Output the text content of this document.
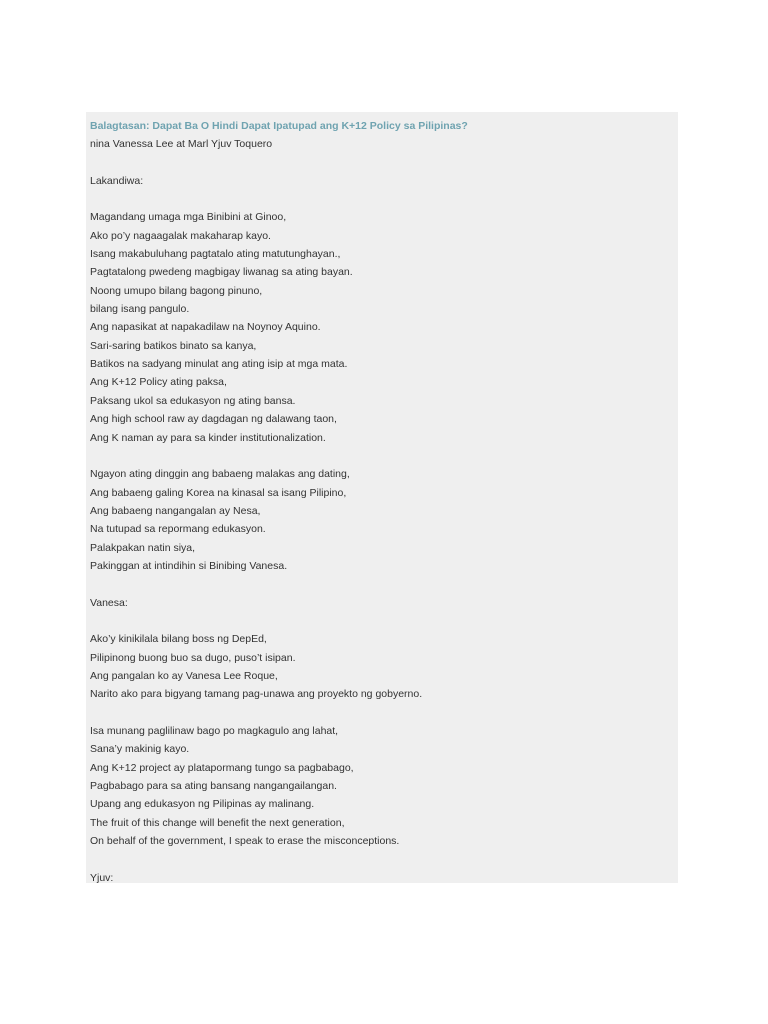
Balagtasan: Dapat Ba O Hindi Dapat Ipatupad ang K+12 Policy sa Pilipinas?
nina Vanessa Lee at Marl Yjuv Toquero
Lakandiwa:
Magandang umaga mga Binibini at Ginoo,
Ako po’y nagaagalak makaharap kayo.
Isang makabuluhang pagtatalo ating matutunghayan.,
Pagtatalong pwedeng magbigay liwanag sa ating bayan.
Noong umupo bilang bagong pinuno,
bilang isang pangulo.
Ang napasikat at napakadilaw na Noynoy Aquino.
Sari-saring batikos binato sa kanya,
Batikos na sadyang minulat ang ating isip at mga mata.
Ang K+12 Policy ating paksa,
Paksang ukol sa edukasyon ng ating bansa.
Ang high school raw ay dagdagan ng dalawang taon,
Ang K naman ay para sa kinder institutionalization.
Ngayon ating dinggin ang babaeng malakas ang dating,
Ang babaeng galing Korea na kinasal sa isang Pilipino,
Ang babaeng nangangalan ay Nesa,
Na tutupad sa repormang edukasyon.
Palakpakan natin siya,
Pakinggan at intindihin si Binibing Vanesa.
Vanesa:
Ako’y kinikilala bilang boss ng DepEd,
Pilipinong buong buo sa dugo, puso’t isipan.
Ang pangalan ko ay Vanesa Lee Roque,
Narito ako para bigyang tamang pag-unawa ang proyekto ng gobyerno.
Isa munang paglilinaw bago po magkagulo ang lahat,
Sana’y makinig kayo.
Ang K+12 project ay platapormang tungo sa pagbabago,
Pagbabago para sa ating bansang nangangailangan.
Upang ang edukasyon ng Pilipinas ay malinang.
The fruit of this change will benefit the next generation,
On behalf of the government, I speak to erase the misconceptions.
Yjuv:
